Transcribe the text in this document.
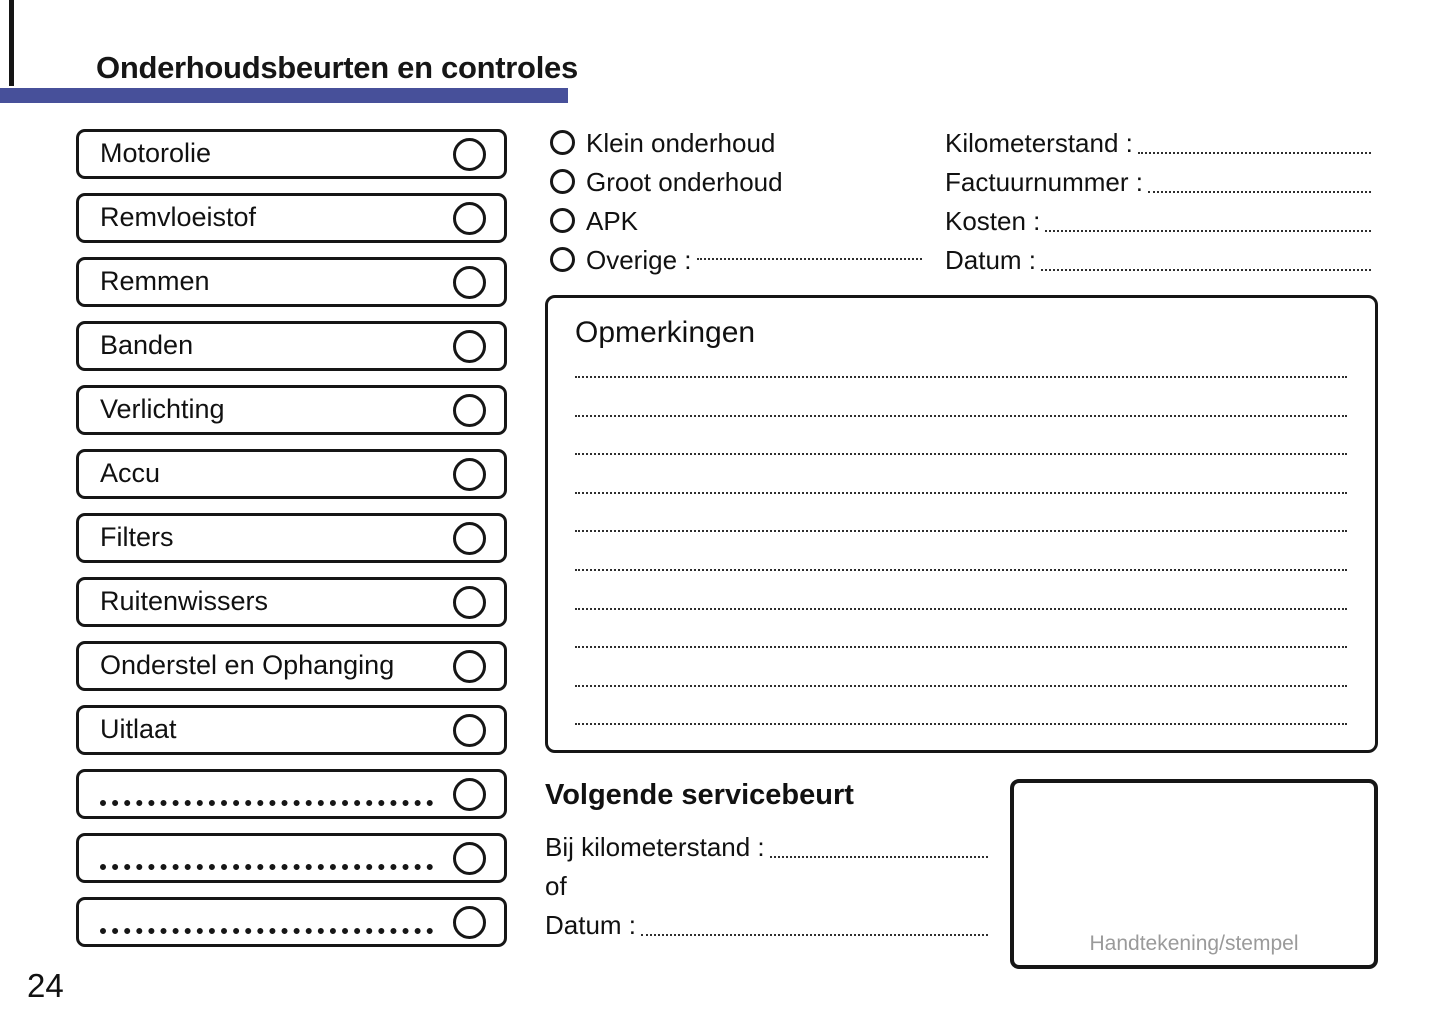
Onderhoudsbeurten en controles
Motorolie
Remvloeistof
Remmen
Banden
Verlichting
Accu
Filters
Ruitenwissers
Onderstel en Ophanging
Uitlaat
Klein onderhoud
Groot onderhoud
APK
Overige :
Kilometerstand :
Factuurnummer :
Kosten :
Datum :
Opmerkingen
Volgende servicebeurt
Bij kilometerstand :
of
Datum :
Handtekening/stempel
24
